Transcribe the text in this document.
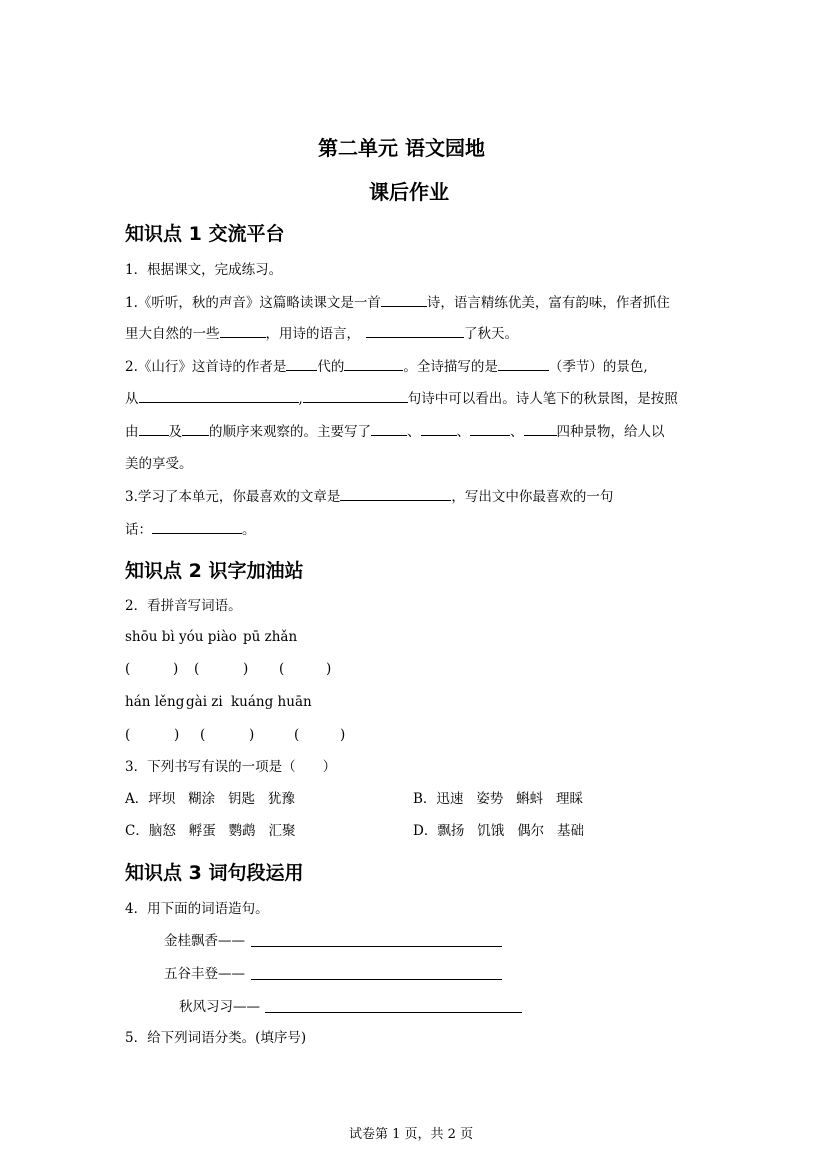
第二单元 语文园地
课后作业
知识点 1 交流平台
1．根据课文，完成练习。
1.《听听，秋的声音》这篇略读课文是一首	诗，语言精练优美，富有韵味，作者抓住
里大自然的一些	，用诗的语言，	了秋天。
2.《山行》这首诗的作者是 代的	。全诗描写的是	（季节）的景色,
从	,	句诗中可以看出。诗人笔下的秋景图，是按照
由 及 的顺序来观察的。主要写了	、	、	、 四种景物，给人以
美的享受。
3.学习了本单元，你最喜欢的文章是	，写出文中你最喜欢的一句
话：	。
知识点 2 识字加油站
2．看拼音写词语。
shōu bì yóu piào pū zhǎn
(	) (	) (	)
hán lěng gài zi kuáng huān
(	) (	)	(	)
3．下列书写有误的一项是（　　）
A．坪坝 糊涂 钥匙 犹豫	B．迅速 姿势 蝌蚪 理睬
C．脑怒 孵蛋 鹦鹉 汇聚	D．飘扬 饥饿 偶尔 基础
知识点 3 词句段运用
4．用下面的词语造句。
金桂飘香——
五谷丰登——
秋风习习——
5．给下列词语分类。(填序号)
试卷第 1 页，共 2 页
